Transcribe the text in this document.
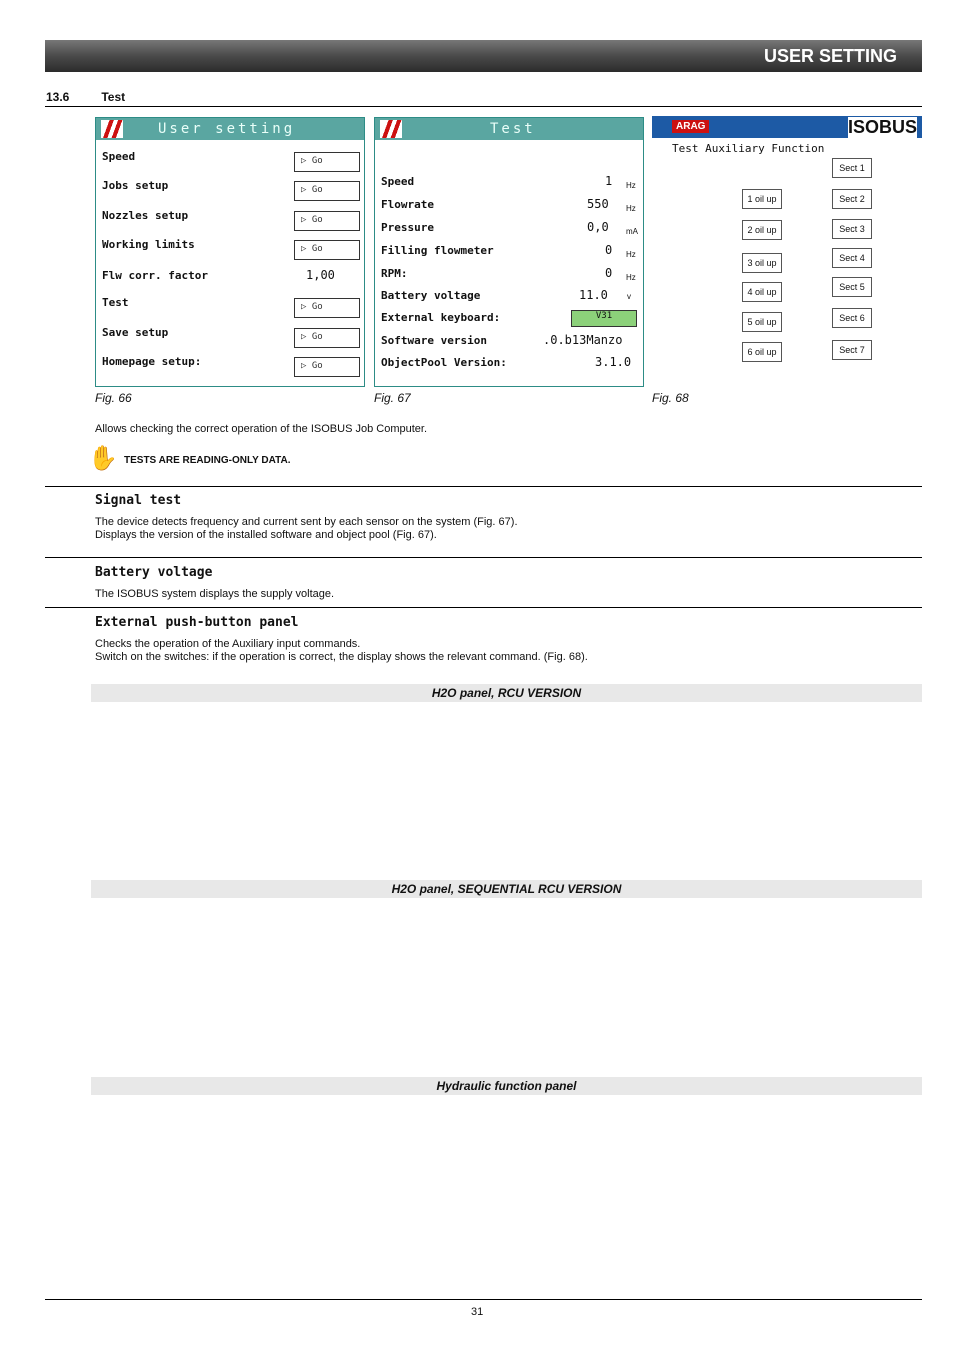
USER SETTING
13.6	Test
User setting
Speed
▷ Go
Jobs setup
▷ Go
Nozzles setup
▷ Go
Working limits
▷ Go
Flw corr. factor	1,00
Test
▷ Go
Save setup
▷ Go
Homepage setup:
▷ Go
Fig. 66
Test
Speed	1 Hz
Flowrate	550 Hz
Pressure	0,0 mA
Filling flowmeter	0 Hz
RPM:	0 Hz
Battery voltage	11.0 v
External keyboard:	V31
Software version	.0.b13Manzo
ObjectPool Version:	3.1.0
Fig. 67
ARAG	ISOBUS
Test Auxiliary Function
Sect 1
1 oil up	Sect 2
2 oil up	Sect 3
3 oil up	Sect 4
4 oil up	Sect 5
5 oil up	Sect 6
6 oil up	Sect 7
Fig. 68
Allows checking the correct operation of the ISOBUS Job Computer.
✋ TESTS ARE READING-ONLY DATA.
Signal test
The device detects frequency and current sent by each sensor on the system (Fig. 67).
Displays the version of the installed software and object pool (Fig. 67).
Battery voltage
The ISOBUS system displays the supply voltage.
External push-button panel
Checks the operation of the Auxiliary input commands.
Switch on the switches: if the operation is correct, the display shows the relevant command. (Fig. 68).
H2O panel, RCU VERSION
H2O panel, SEQUENTIAL RCU VERSION
Hydraulic function panel
31
